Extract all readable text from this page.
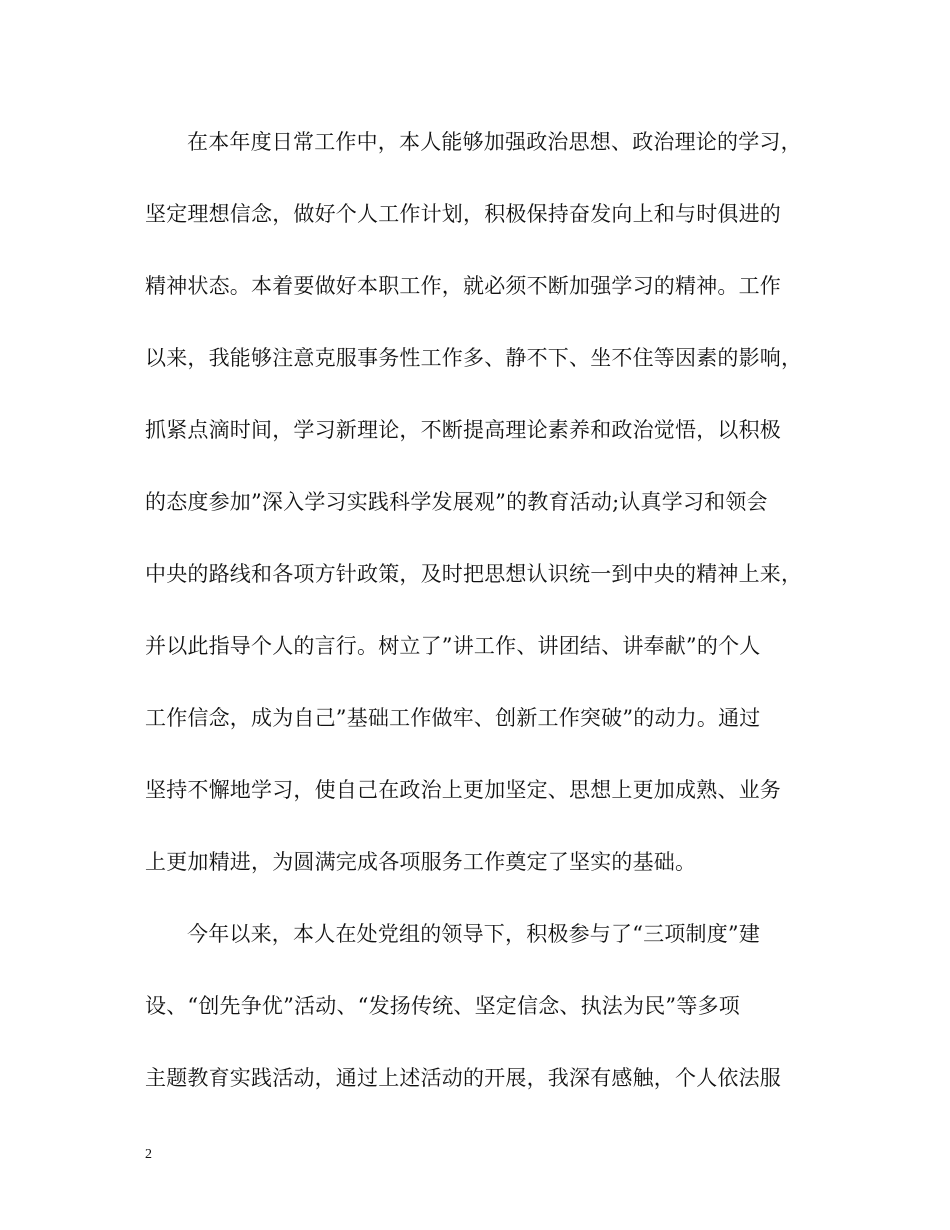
在本年度日常工作中，本人能够加强政治思想、政治理论的学习，
坚定理想信念，做好个人工作计划，积极保持奋发向上和与时俱进的
精神状态。本着要做好本职工作，就必须不断加强学习的精神。工作
以来，我能够注意克服事务性工作多、静不下、坐不住等因素的影响，
抓紧点滴时间，学习新理论，不断提高理论素养和政治觉悟，以积极
的态度参加”深入学习实践科学发展观”的教育活动;认真学习和领会
中央的路线和各项方针政策，及时把思想认识统一到中央的精神上来，
并以此指导个人的言行。树立了”讲工作、讲团结、讲奉献”的个人
工作信念，成为自己”基础工作做牢、创新工作突破”的动力。通过
坚持不懈地学习，使自己在政治上更加坚定、思想上更加成熟、业务
上更加精进，为圆满完成各项服务工作奠定了坚实的基础。
今年以来，本人在处党组的领导下，积极参与了“三项制度”建
设、“创先争优”活动、“发扬传统、坚定信念、执法为民”等多项
主题教育实践活动，通过上述活动的开展，我深有感触，个人依法服
2
